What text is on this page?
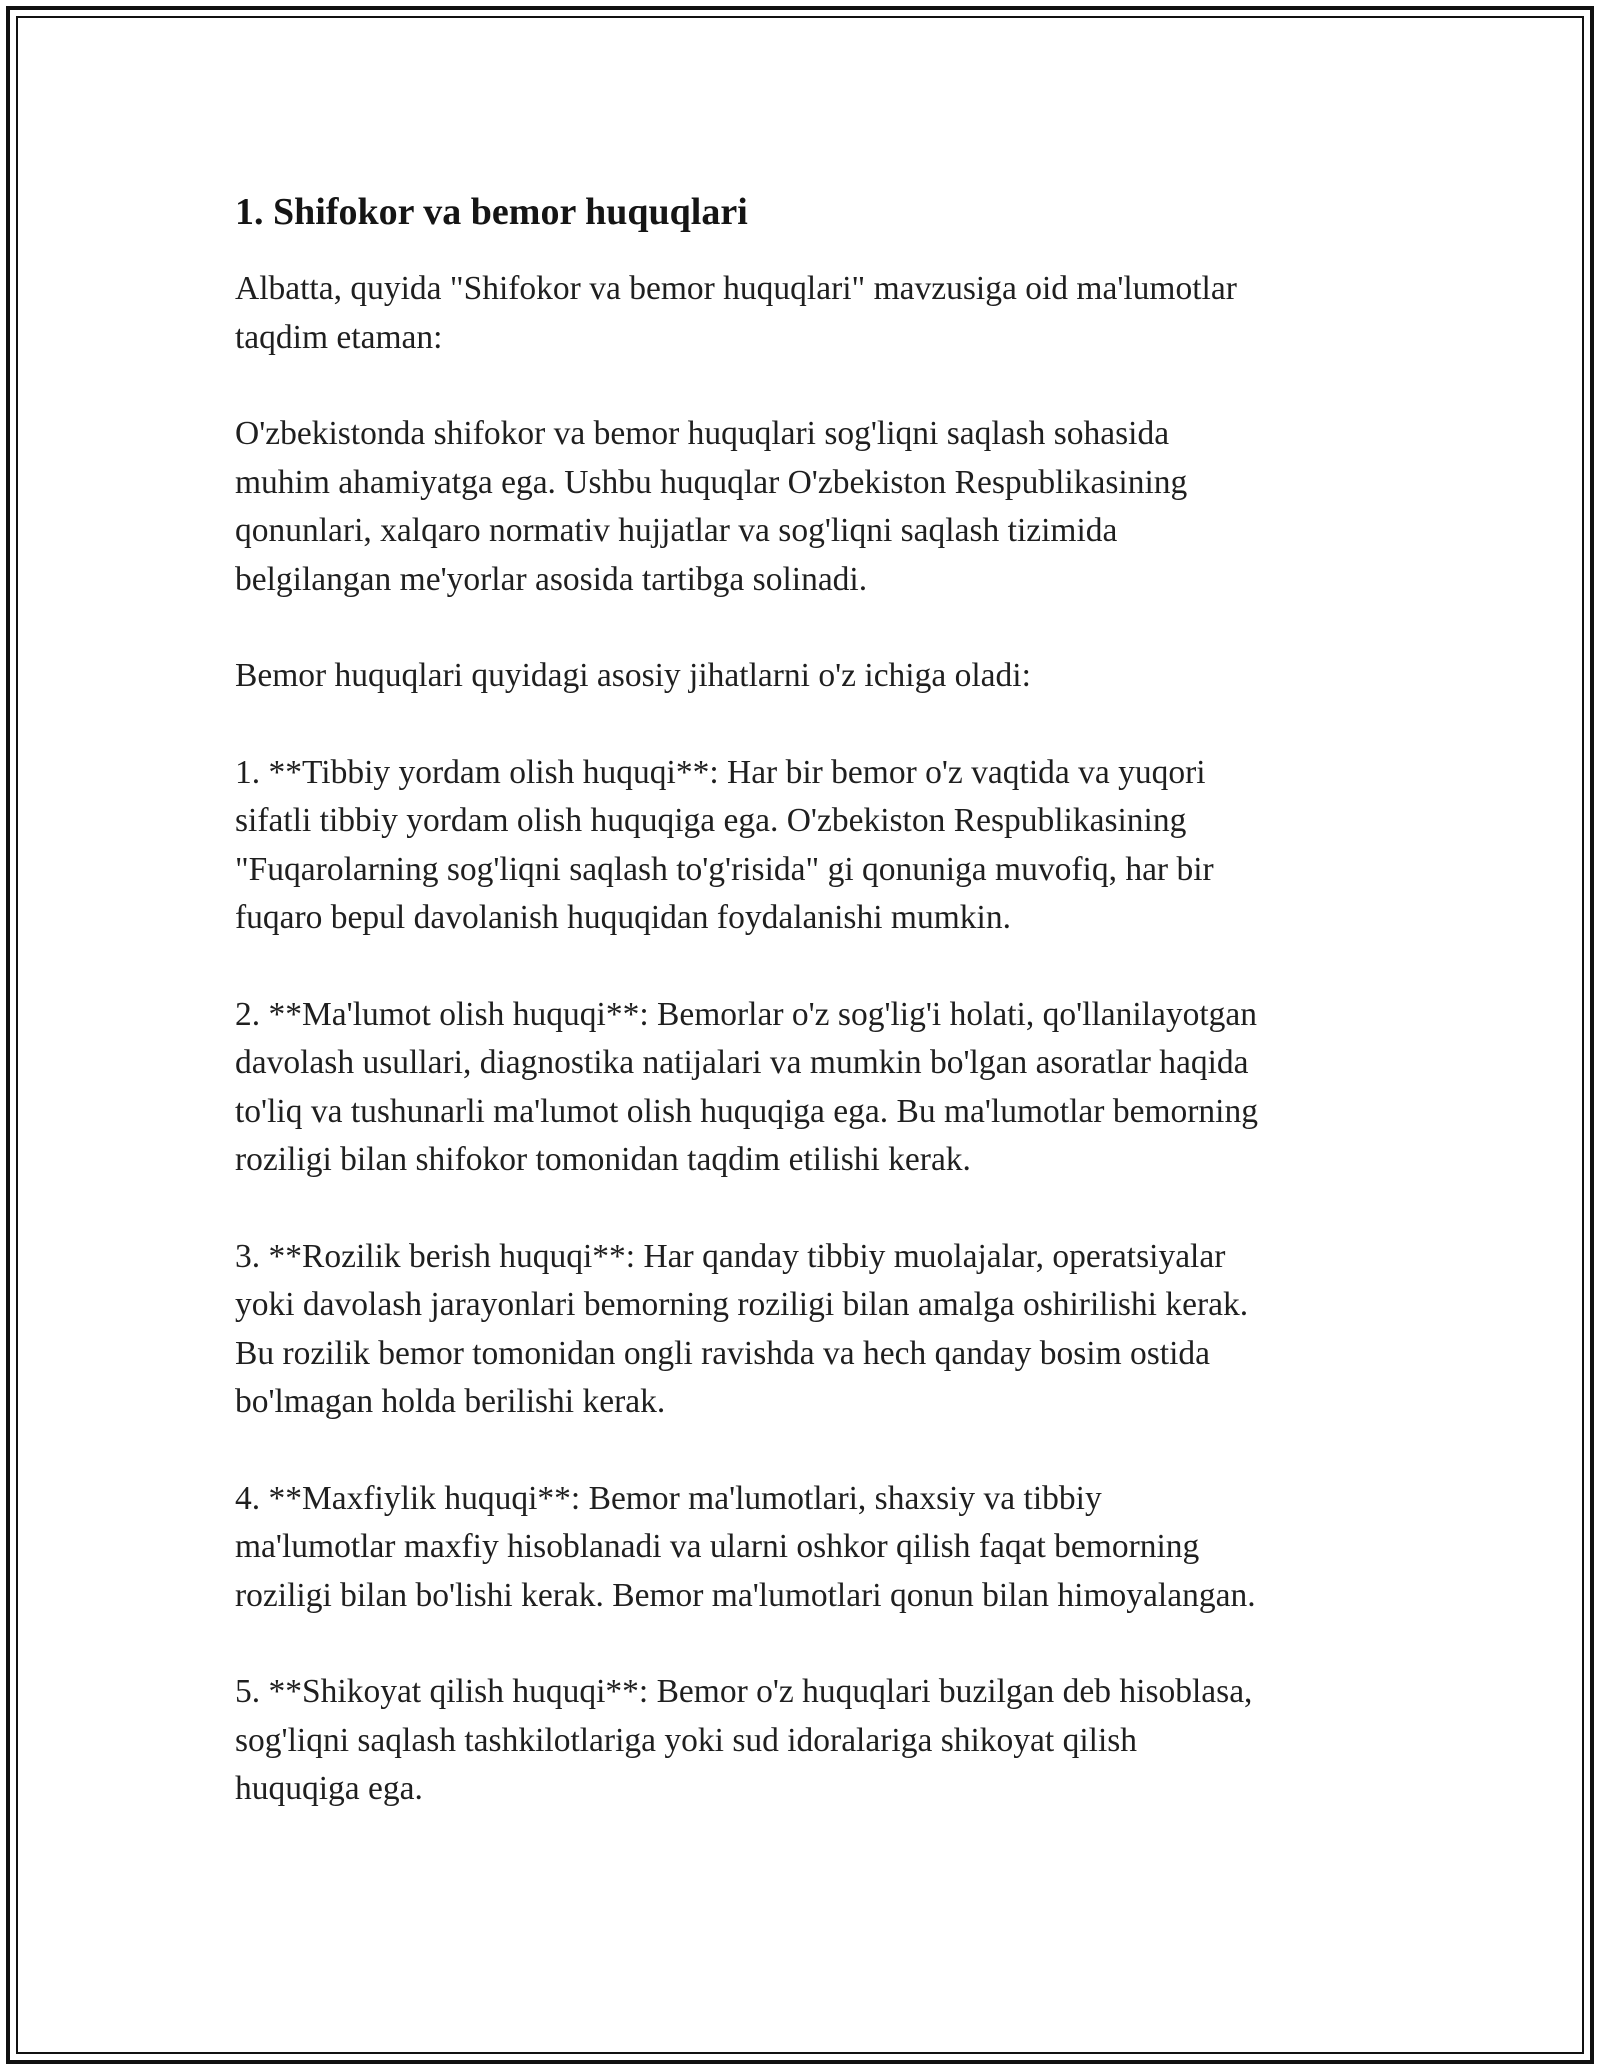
1. Shifokor va bemor huquqlari

Albatta, quyida "Shifokor va bemor huquqlari" mavzusiga oid ma'lumotlar
taqdim etaman:

O'zbekistonda shifokor va bemor huquqlari sog'liqni saqlash sohasida
muhim ahamiyatga ega. Ushbu huquqlar O'zbekiston Respublikasining
qonunlari, xalqaro normativ hujjatlar va sog'liqni saqlash tizimida
belgilangan me'yorlar asosida tartibga solinadi.

Bemor huquqlari quyidagi asosiy jihatlarni o'z ichiga oladi:

1. **Tibbiy yordam olish huquqi**: Har bir bemor o'z vaqtida va yuqori
sifatli tibbiy yordam olish huquqiga ega. O'zbekiston Respublikasining
"Fuqarolarning sog'liqni saqlash to'g'risida" gi qonuniga muvofiq, har bir
fuqaro bepul davolanish huquqidan foydalanishi mumkin.

2. **Ma'lumot olish huquqi**: Bemorlar o'z sog'lig'i holati, qo'llanilayotgan
davolash usullari, diagnostika natijalari va mumkin bo'lgan asoratlar haqida
to'liq va tushunarli ma'lumot olish huquqiga ega. Bu ma'lumotlar bemorning
roziligi bilan shifokor tomonidan taqdim etilishi kerak.

3. **Rozilik berish huquqi**: Har qanday tibbiy muolajalar, operatsiyalar
yoki davolash jarayonlari bemorning roziligi bilan amalga oshirilishi kerak.
Bu rozilik bemor tomonidan ongli ravishda va hech qanday bosim ostida
bo'lmagan holda berilishi kerak.

4. **Maxfiylik huquqi**: Bemor ma'lumotlari, shaxsiy va tibbiy
ma'lumotlar maxfiy hisoblanadi va ularni oshkor qilish faqat bemorning
roziligi bilan bo'lishi kerak. Bemor ma'lumotlari qonun bilan himoyalangan.

5. **Shikoyat qilish huquqi**: Bemor o'z huquqlari buzilgan deb hisoblasa,
sog'liqni saqlash tashkilotlariga yoki sud idoralariga shikoyat qilish
huquqiga ega.
